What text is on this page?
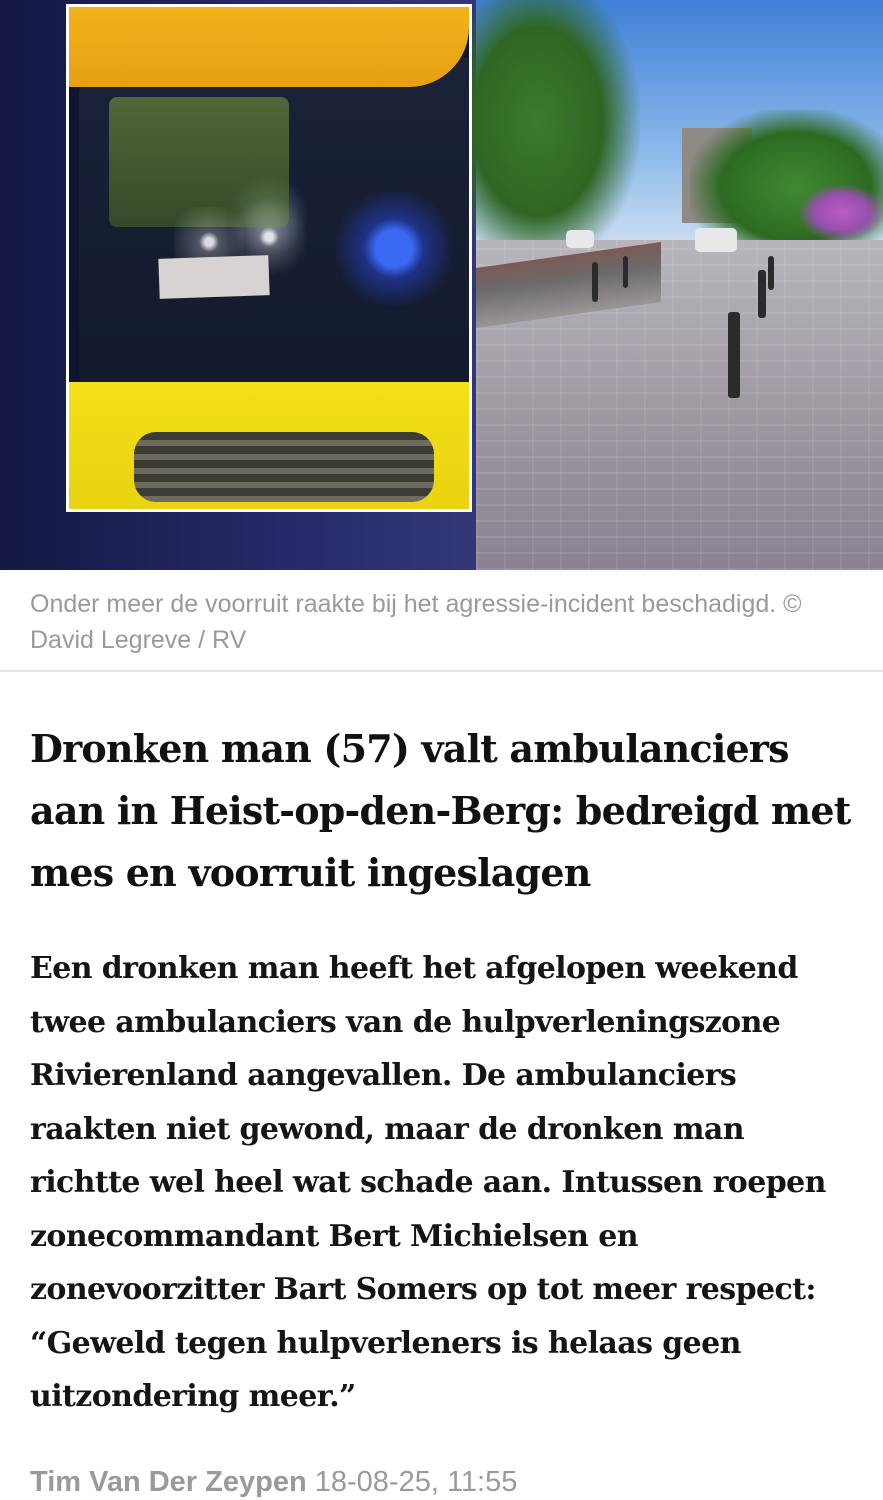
Onder meer de voorruit raakte bij het agressie-incident beschadigd. © David Legreve / RV
Dronken man (57) valt ambulanciers aan in Heist-op-den-Berg: bedreigd met mes en voorruit ingeslagen

Een dronken man heeft het afgelopen weekend twee ambulanciers van de hulpverleningszone Rivierenland aangevallen. De ambulanciers raakten niet gewond, maar de dronken man richtte wel heel wat schade aan. Intussen roepen zonecommandant Bert Michielsen en zonevoorzitter Bart Somers op tot meer respect: “Geweld tegen hulpverleners is helaas geen uitzondering meer.”

Tim Van Der Zeypen 18-08-25, 11:55
